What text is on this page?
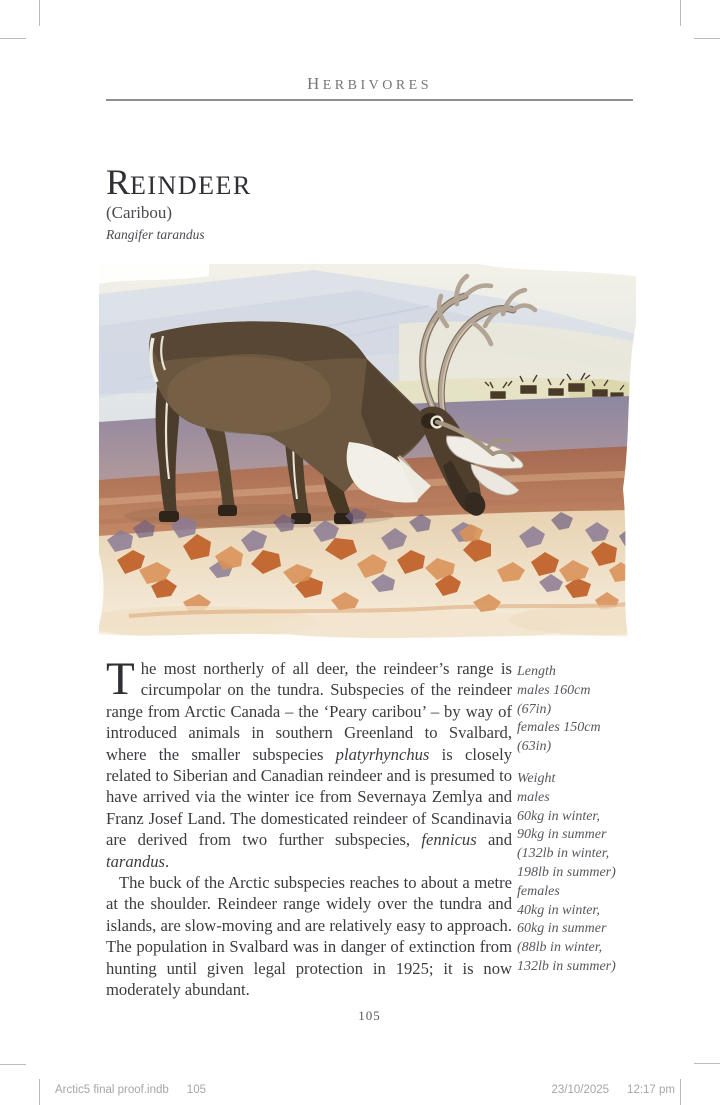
HERBIVORES
REINDEER
(Caribou)
Rangifer tarandus

The most northerly of all deer, the reindeer’s range is circumpolar on the tundra. Subspecies of the reindeer range from Arctic Canada – the ‘Peary caribou’ – by way of introduced animals in southern Greenland to Svalbard, where the smaller subspecies platyrhynchus is closely related to Siberian and Canadian reindeer and is presumed to have arrived via the winter ice from Severnaya Zemlya and Franz Josef Land. The domesticated reindeer of Scandinavia are derived from two further subspecies, fennicus and tarandus.

The buck of the Arctic subspecies reaches to about a metre at the shoulder. Reindeer range widely over the tundra and islands, are slow-moving and are relatively easy to approach. The population in Svalbard was in danger of extinction from hunting until given legal protection in 1925; it is now moderately abundant.

Length
males 160cm
(67in)
females 150cm
(63in)
Weight
males
60kg in winter,
90kg in summer
(132lb in winter,
198lb in summer)
females
40kg in winter,
60kg in summer
(88lb in winter,
132lb in summer)
105
Arctic5 final proof.indb 105	23/10/2025 12:17 pm
